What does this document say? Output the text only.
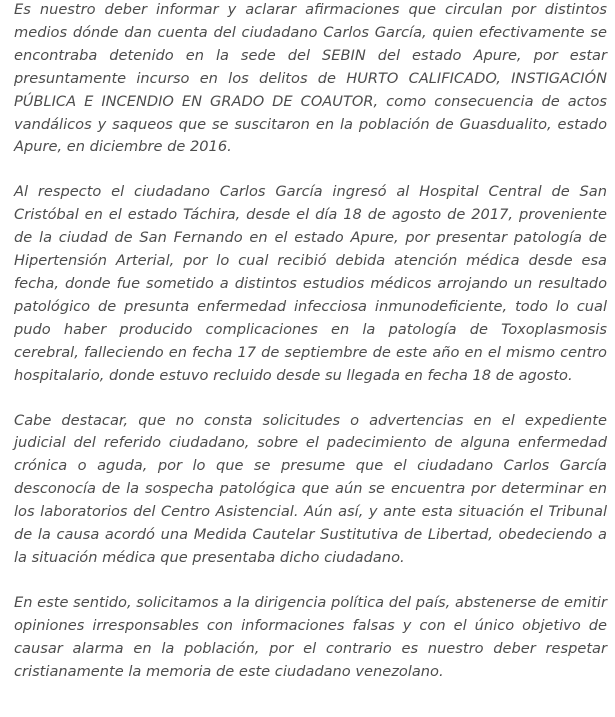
Es nuestro deber informar y aclarar afirmaciones que circulan por distintos medios dónde dan cuenta del ciudadano Carlos García, quien efectivamente se encontraba detenido en la sede del SEBIN del estado Apure, por estar presuntamente incurso en los delitos de HURTO CALIFICADO, INSTIGACIÓN PÚBLICA E INCENDIO EN GRADO DE COAUTOR, como consecuencia de actos vandálicos y saqueos que se suscitaron en la población de Guasdualito, estado Apure, en diciembre de 2016.

Al respecto el ciudadano Carlos García ingresó al Hospital Central de San Cristóbal en el estado Táchira, desde el día 18 de agosto de 2017, proveniente de la ciudad de San Fernando en el estado Apure, por presentar patología de Hipertensión Arterial, por lo cual recibió debida atención médica desde esa fecha, donde fue sometido a distintos estudios médicos arrojando un resultado patológico de presunta enfermedad infecciosa inmunodeficiente, todo lo cual pudo haber producido complicaciones en la patología de Toxoplasmosis cerebral, falleciendo en fecha 17 de septiembre de este año en el mismo centro hospitalario, donde estuvo recluido desde su llegada en fecha 18 de agosto.

Cabe destacar, que no consta solicitudes o advertencias en el expediente judicial del referido ciudadano, sobre el padecimiento de alguna enfermedad crónica o aguda, por lo que se presume que el ciudadano Carlos García desconocía de la sospecha patológica que aún se encuentra por determinar en los laboratorios del Centro Asistencial. Aún así, y ante esta situación el Tribunal de la causa acordó una Medida Cautelar Sustitutiva de Libertad, obedeciendo a la situación médica que presentaba dicho ciudadano.

En este sentido, solicitamos a la dirigencia política del país, abstenerse de emitir opiniones irresponsables con informaciones falsas y con el único objetivo de causar alarma en la población, por el contrario es nuestro deber respetar cristianamente la memoria de este ciudadano venezolano.
